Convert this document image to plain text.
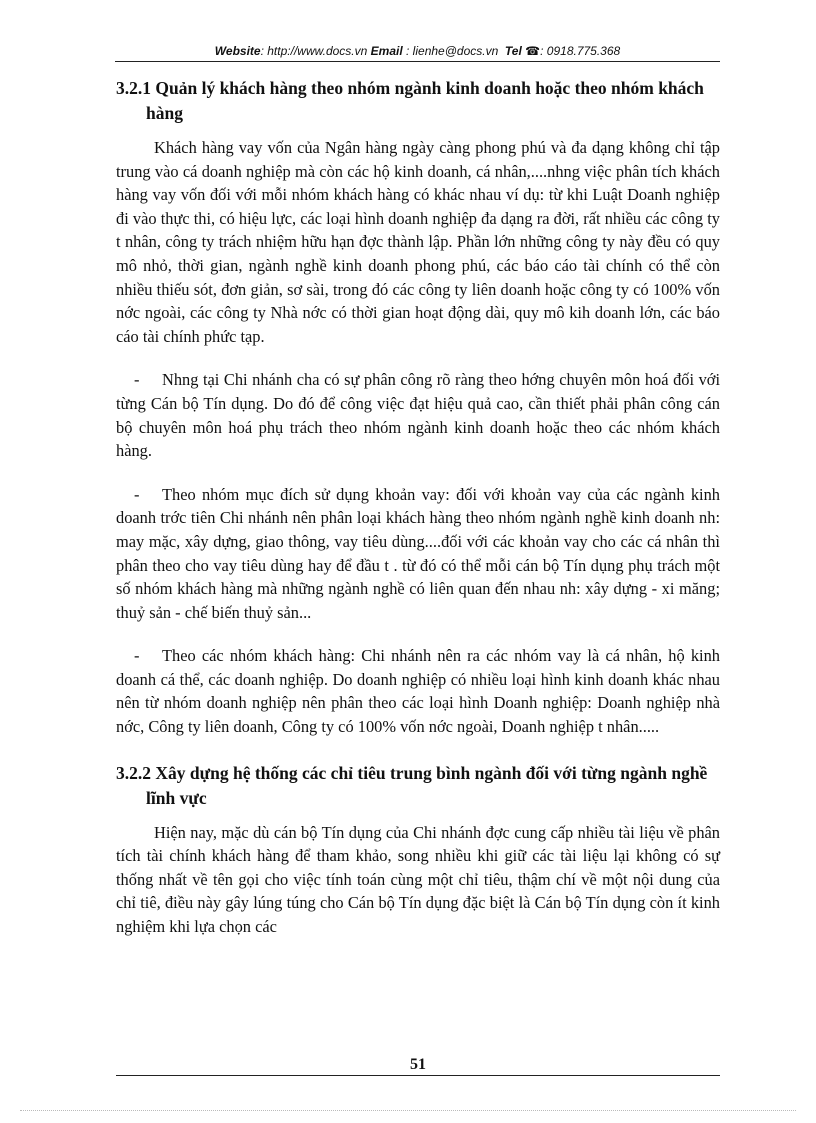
Website: http://www.docs.vn Email : lienhe@docs.vn Tel ☎: 0918.775.368
3.2.1 Quản lý khách hàng theo nhóm ngành kinh doanh hoặc theo nhóm khách hàng

Khách hàng vay vốn của Ngân hàng ngày càng phong phú và đa dạng không chỉ tập trung vào cá doanh nghiệp mà còn các hộ kinh doanh, cá nhân,....nhng việc phân tích khách hàng vay vốn đối với mỗi nhóm khách hàng có khác nhau ví dụ: từ khi Luật Doanh nghiệp đi vào thực thi, có hiệu lực, các loại hình doanh nghiệp đa dạng ra đời, rất nhiều các công ty t nhân, công ty trách nhiệm hữu hạn đợc thành lập. Phần lớn những công ty này đều có quy mô nhỏ, thời gian, ngành nghề kinh doanh phong phú, các báo cáo tài chính có thể còn nhiều thiếu sót, đơn giản, sơ sài, trong đó các công ty liên doanh hoặc công ty có 100% vốn nớc ngoài, các công ty Nhà nớc có thời gian hoạt động dài, quy mô kih doanh lớn, các báo cáo tài chính phức tạp.

- Nhng tại Chi nhánh cha có sự phân công rõ ràng theo hớng chuyên môn hoá đối với từng Cán bộ Tín dụng. Do đó để công việc đạt hiệu quả cao, cần thiết phải phân công cán bộ chuyên môn hoá phụ trách theo nhóm ngành kinh doanh hoặc theo các nhóm khách hàng.
- Theo nhóm mục đích sử dụng khoản vay: đối với khoản vay của các ngành kinh doanh trớc tiên Chi nhánh nên phân loại khách hàng theo nhóm ngành nghề kinh doanh nh: may mặc, xây dựng, giao thông, vay tiêu dùng....đối với các khoản vay cho các cá nhân thì phân theo cho vay tiêu dùng hay để đầu t . từ đó có thể mỗi cán bộ Tín dụng phụ trách một số nhóm khách hàng mà những ngành nghề có liên quan đến nhau nh: xây dựng - xi măng; thuỷ sản - chế biến thuỷ sản...
- Theo các nhóm khách hàng: Chi nhánh nên ra các nhóm vay là cá nhân, hộ kinh doanh cá thể, các doanh nghiệp. Do doanh nghiệp có nhiều loại hình kinh doanh khác nhau nên từ nhóm doanh nghiệp nên phân theo các loại hình Doanh nghiệp: Doanh nghiệp nhà nớc, Công ty liên doanh, Công ty có 100% vốn nớc ngoài, Doanh nghiệp t nhân.....
3.2.2 Xây dựng hệ thống các chỉ tiêu trung bình ngành đối với từng ngành nghề lĩnh vực

Hiện nay, mặc dù cán bộ Tín dụng của Chi nhánh đợc cung cấp nhiều tài liệu về phân tích tài chính khách hàng để tham khảo, song nhiều khi giữ các tài liệu lại không có sự thống nhất về tên gọi cho việc tính toán cùng một chỉ tiêu, thậm chí về một nội dung của chỉ tiê, điều này gây lúng túng cho Cán bộ Tín dụng đặc biệt là Cán bộ Tín dụng còn ít kinh nghiệm khi lựa chọn các

51
